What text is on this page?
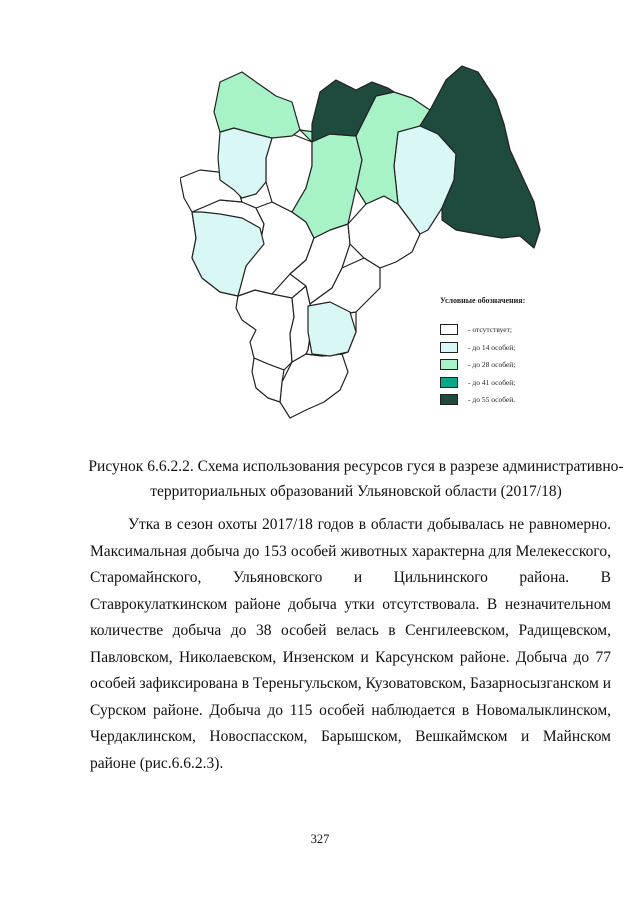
Условные обозначения:
- отсутствует;
- до 14 особей;
- до 28 особей;
- до 41 особей;
- до 55 особей.
Рисунок 6.6.2.2. Схема использования ресурсов гуся в разрезе административно-
территориальных образований Ульяновской области (2017/18)
Утка в сезон охоты 2017/18 годов в области добывалась не равномерно. Максимальная добыча до 153 особей животных характерна для Мелекесского, Старомайнского, Ульяновского и Цильнинского района. В Ставрокулаткинском районе добыча утки отсутствовала. В незначительном количестве добыча до 38 особей велась в Сенгилеевском, Радищевском, Павловском, Николаевском, Инзенском и Карсунском районе. Добыча до 77 особей зафиксирована в Тереньгульском, Кузоватовском, Базарносызганском и Сурском районе. Добыча до 115 особей наблюдается в Новомалыклинском, Чердаклинском, Новоспасском, Барышском, Вешкаймском и Майнском районе (рис.6.6.2.3).
327
